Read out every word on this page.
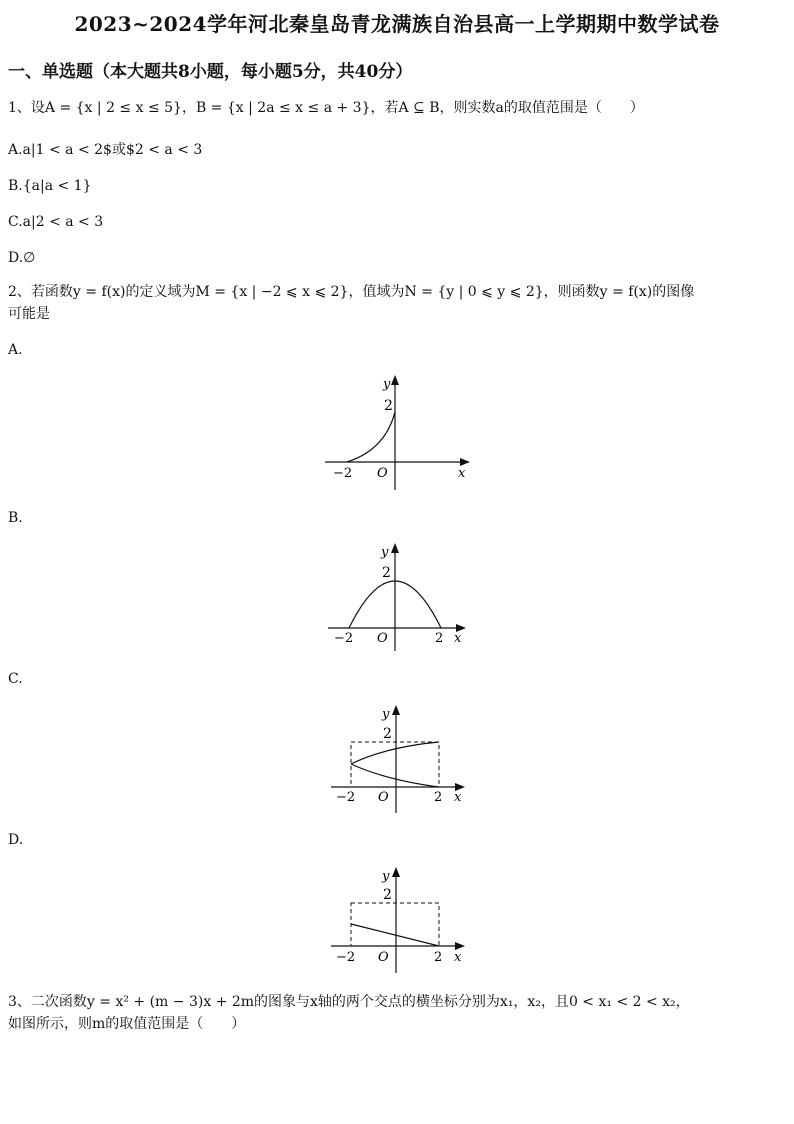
2023~2024学年河北秦皇岛青龙满族自治县高一上学期期中数学试卷
一、单选题（本大题共8小题，每小题5分，共40分）
1、设A = {x | 2 ≤ x ≤ 5}，B = {x | 2a ≤ x ≤ a + 3}，若A ⊆ B，则实数a的取值范围是（　　）
A.a|1 < a < 2$或$2 < a < 3
B.{a|a < 1}
C.a|2 < a < 3
D.∅
2、若函数y = f(x)的定义域为M = {x | −2 ⩽ x ⩽ 2}，值域为N = {y | 0 ⩽ y ⩽ 2}，则函数y = f(x)的图像
可能是
A.
y
2
−2 O	x
B.
y
2
−2 O	2 x
C.
y
2
−2 O	2 x
D.
y
2
−2 O	2 x
3、二次函数y = x² + (m − 3)x + 2m的图象与x轴的两个交点的横坐标分别为x₁，x₂，且0 < x₁ < 2 < x₂，
如图所示，则m的取值范围是（　　）
